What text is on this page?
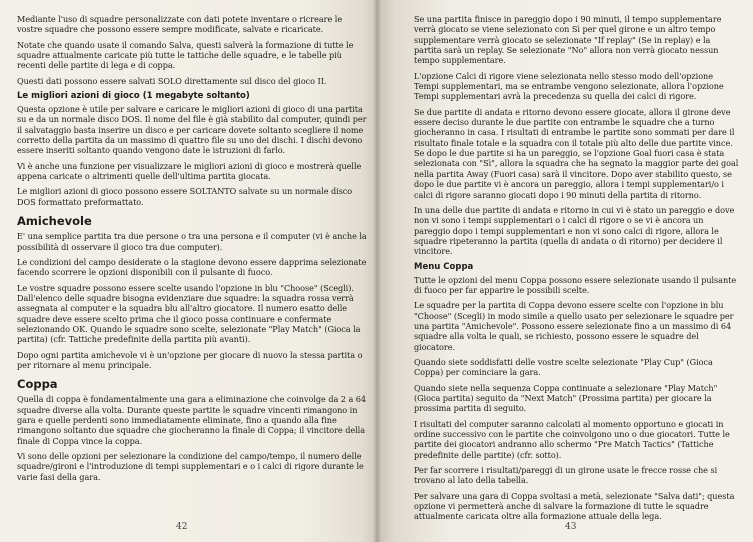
Mediante l'uso di squadre personalizzate con dati potete inventare o ricreare le vostre squadre che possono essere sempre modificate, salvate e ricaricate.

Notate che quando usate il comando Salva, questi salverà la formazione di tutte le squadre attualmente caricate più tutte le tattiche delle squadre, e le tabelle più recenti delle partite di lega e di coppa.

Questi dati possono essere salvati SOLO direttamente sul disco del gioco II.

Le migliori azioni di gioco (1 megabyte soltanto)

Questa opzione è utile per salvare e caricare le migliori azioni di gioco di una partita su e da un normale disco DOS. Il nome del file è già stabilito dal computer, quindi per il salvataggio basta inserire un disco e per caricare dovete soltanto scegliere il nome corretto della partita da un massimo di quattro file su uno dei dischi. I dischi devono essere inseriti soltanto quando vengono date le istruzioni di farlo.

Vi è anche una funzione per visualizzare le migliori azioni di gioco e mostrerà quelle appena caricate o altrimenti quelle dell'ultima partita giocata.

Le migliori azioni di gioco possono essere SOLTANTO salvate su un normale disco DOS formattato preformattato.

Amichevole

E' una semplice partita tra due persone o tra una persona e il computer (vi è anche la possibilità di osservare il gioco tra due computer).

Le condizioni del campo desiderate o la stagione devono essere dapprima selezionate facendo scorrere le opzioni disponibili con il pulsante di fuoco.

Le vostre squadre possono essere scelte usando l'opzione in blu "Choose" (Scegli). Dall'elenco delle squadre bisogna evidenziare due squadre: la squadra rossa verrà assegnata al computer e la squadra blu all'altro giocatore. Il numero esatto delle squadre deve essere scelto prima che il gioco possa continuare e confermate selezionando OK. Quando le squadre sono scelte, selezionate "Play Match" (Gioca la partita) (cfr. Tattiche predefinite della partita più avanti).

Dopo ogni partita amichevole vi è un'opzione per giocare di nuovo la stessa partita o per ritornare al menu principale.

Coppa

Quella di coppa è fondamentalmente una gara a eliminazione che coinvolge da 2 a 64 squadre diverse alla volta. Durante queste partite le squadre vincenti rimangono in gara e quelle perdenti sono immediatamente eliminate, fino a quando alla fine rimangono soltanto due squadre che giocheranno la finale di Coppa; il vincitore della finale di Coppa vince la coppa.

Vi sono delle opzioni per selezionare la condizione del campo/tempo, il numero delle squadre/gironi e l'introduzione di tempi supplementari e o i calci di rigore durante le varie fasi della gara.

42

Se una partita finisce in pareggio dopo i 90 minuti, il tempo supplementare verrà giocato se viene selezionato con Sì per quel girone e un altro tempo supplementare verrà giocato se selezionate "If replay" (Se in replay) e la partita sarà un replay. Se selezionate "No" allora non verrà giocato nessun tempo supplementare.

L'opzione Calci di rigore viene selezionata nello stesso modo dell'opzione Tempi supplementari, ma se entrambe vengono selezionate, allora l'opzione Tempi supplementari avrà la precedenza su quella dei calci di rigore.

Se due partite di andata e ritorno devono essere giocate, allora il girone deve essere deciso durante le due partite con entrambe le squadre che a turno giocheranno in casa. I risultati di entrambe le partite sono sommati per dare il risultato finale totale e la squadra con il totale più alto delle due partite vince. Se dopo le due partite si ha un pareggio, se l'opzione Goal fuori casa è stata selezionata con "Sì", allora la squadra che ha segnato la maggior parte dei goal nella partita Away (Fuori casa) sarà il vincitore. Dopo aver stabilito questo, se dopo le due partite vi è ancora un pareggio, allora i tempi supplementari/o i calci di rigore saranno giocati dopo i 90 minuti della partita di ritorno.

In una delle due partite di andata e ritorno in cui vi è stato un pareggio e dove non vi sono i tempi supplementari o i calci di rigore o se vi è ancora un pareggio dopo i tempi supplementari e non vi sono calci di rigore, allora le squadre ripeteranno la partita (quella di andata o di ritorno) per decidere il vincitore.

Menu Coppa

Tutte le opzioni del menu Coppa possono essere selezionate usando il pulsante di fuoco per far apparire le possibili scelte.

Le squadre per la partita di Coppa devono essere scelte con l'opzione in blu "Choose" (Scegli) in modo simile a quello usato per selezionare le squadre per una partita "Amichevole". Possono essere selezionate fino a un massimo di 64 squadre alla volta le quali, se richiesto, possono essere le squadre del giocatore.

Quando siete soddisfatti delle vostre scelte selezionate "Play Cup" (Gioca Coppa) per cominciare la gara.

Quando siete nella sequenza Coppa continuate a selezionare "Play Match" (Gioca partita) seguito da "Next Match" (Prossima partita) per giocare la prossima partita di seguito.

I risultati del computer saranno calcolati al momento opportuno e giocati in ordine successivo con le partite che coinvolgono uno o due giocatori. Tutte le partite dei giocatori andranno allo schermo "Pre Match Tactics" (Tattiche predefinite delle partite) (cfr. sotto).

Per far scorrere i risultati/pareggi di un girone usate le frecce rosse che si trovano al lato della tabella.

Per salvare una gara di Coppa svoltasi a metà, selezionate "Salva dati"; questa opzione vi permetterà anche di salvare la formazione di tutte le squadre attualmente caricata oltre alla formazione attuale della lega.

43
